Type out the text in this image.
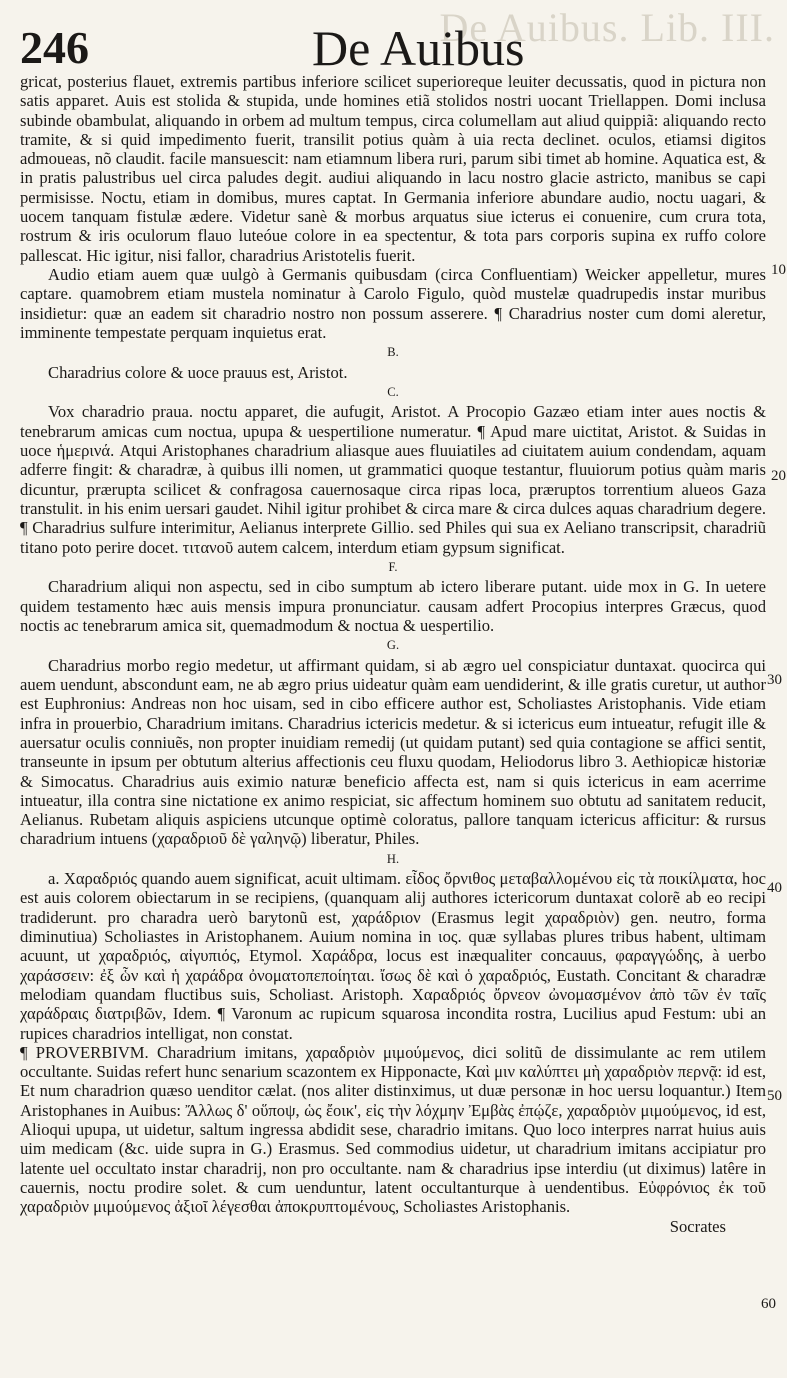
De Auibus. Lib. III.
246	De Auibus

gricat, posterius flauet, extremis partibus inferiore scilicet superioreque leuiter decussatis, quod in pictura non satis apparet. Auis est stolida & stupida, unde homines etiã stolidos nostri uocant Triellappen. Domi inclusa subinde obambulat, aliquando in orbem ad multum tempus, circa columellam aut aliud quippiã: aliquando recto tramite, & si quid impedimento fuerit, transilit potius quàm à uia recta declinet. oculos, etiamsi digitos admoueas, nõ claudit. facile mansuescit: nam etiamnum libera ruri, parum sibi timet ab homine. Aquatica est, & in pratis palustribus uel circa paludes degit. audiui aliquando in lacu nostro glacie astricto, manibus se capi permisisse. Noctu, etiam in domibus, mures captat. In Germania inferiore abundare audio, noctu uagari, & uocem tanquam fistulæ ædere. Videtur sanè & morbus arquatus siue icterus ei conuenire, cum crura tota, rostrum & iris oculorum flauo luteóue colore in ea spectentur, & tota pars corporis supina ex ruffo colore pallescat. Hic igitur, nisi fallor, charadrius Aristotelis fuerit.

Audio etiam auem quæ uulgò à Germanis quibusdam (circa Confluentiam) Weicker appelletur, mures captare. quamobrem etiam mustela nominatur à Carolo Figulo, quòd mustelæ quadrupedis instar muribus insidietur: quæ an eadem sit charadrio nostro non possum asserere. ¶ Charadrius noster cum domi aleretur, imminente tempestate perquam inquietus erat.

B.

Charadrius colore & uoce prauus est, Aristot.

C.

Vox charadrio praua. noctu apparet, die aufugit, Aristot. A Procopio Gazæo etiam inter aues noctis & tenebrarum amicas cum noctua, upupa & uespertilione numeratur. ¶ Apud mare uictitat, Aristot. & Suidas in uoce ἡμερινά. Atqui Aristophanes charadrium aliasque aues fluuiatiles ad ciuitatem auium condendam, aquam adferre fingit: & charadræ, à quibus illi nomen, ut grammatici quoque testantur, fluuiorum potius quàm maris dicuntur, prærupta scilicet & confragosa cauernosaque circa ripas loca, præruptos torrentium alueos Gaza transtulit. in his enim uersari gaudet. Nihil igitur prohibet & circa mare & circa dulces aquas charadrium degere. ¶ Charadrius sulfure interimitur, Aelianus interprete Gillio. sed Philes qui sua ex Aeliano transcripsit, charadriũ titano poto perire docet. τιτανοῦ autem calcem, interdum etiam gypsum significat.

F.

Charadrium aliqui non aspectu, sed in cibo sumptum ab ictero liberare putant. uide mox in G. In uetere quidem testamento hæc auis mensis impura pronunciatur. causam adfert Procopius interpres Græcus, quod noctis ac tenebrarum amica sit, quemadmodum & noctua & uespertilio.

G.

Charadrius morbo regio medetur, ut affirmant quidam, si ab ægro uel conspiciatur duntaxat. quocirca qui auem uendunt, abscondunt eam, ne ab ægro prius uideatur quàm eam uendiderint, & ille gratis curetur, ut author est Euphronius: Andreas non hoc uisam, sed in cibo efficere author est, Scholiastes Aristophanis. Vide etiam infra in prouerbio, Charadrium imitans. Charadrius ictericis medetur. & si ictericus eum intueatur, refugit ille & auersatur oculis conniuẽs, non propter inuidiam remedij (ut quidam putant) sed quia contagione se affici sentit, transeunte in ipsum per obtutum alterius affectionis ceu fluxu quodam, Heliodorus libro 3. Aethiopicæ historiæ & Simocatus. Charadrius auis eximio naturæ beneficio affecta est, nam si quis ictericus in eam acerrime intueatur, illa contra sine nictatione ex animo respiciat, sic affectum hominem suo obtutu ad sanitatem reducit, Aelianus. Rubetam aliquis aspiciens utcunque optimè coloratus, pallore tanquam ictericus afficitur: & rursus charadrium intuens (χαραδριοῦ δὲ γαληνῷ) liberatur, Philes.

H.

a. Χαραδριός quando auem significat, acuit ultimam. εἶδος ὄρνιθος μεταβαλλομένου εἰς τὰ ποικίλματα, hoc est auis colorem obiectarum in se recipiens, (quanquam alij authores ictericorum duntaxat colorẽ ab eo recipi tradiderunt. pro charadra uerò barytonũ est, χαράδριον (Erasmus legit χαραδριὸν) gen. neutro, forma diminutiua) Scholiastes in Aristophanem. Auium nomina in ιος. quæ syllabas plures tribus habent, ultimam acuunt, ut χαραδριός, αἰγυπιός, Etymol. Χαράδρα, locus est inæqualiter concauus, φαραγγώδης, à uerbo χαράσσειν: ἐξ ὧν καὶ ἡ χαράδρα ὀνοματοπεποίηται. ἴσως δὲ καὶ ὁ χαραδριός, Eustath. Concitant & charadræ melodiam quandam fluctibus suis, Scholiast. Aristoph. Χαραδριός ὄρνεον ὠνομασμένον ἀπὸ τῶν ἐν ταῖς χαράδραις διατριβῶν, Idem. ¶ Varonum ac rupicum squarosa incondita rostra, Lucilius apud Festum: ubi an rupices charadrios intelligat, non constat.

¶ PROVERBIVM. Charadrium imitans, χαραδριὸν μιμούμενος, dici solitũ de dissimulante ac rem utilem occultante. Suidas refert hunc senarium scazontem ex Hipponacte, Καὶ μιν καλύπτει μὴ χαραδριὸν περνᾷ: id est, Et num charadrion quæso uenditor cælat. (nos aliter distinximus, ut duæ personæ in hoc uersu loquantur.) Item Aristophanes in Auibus: Ἄλλως δ' οὕποψ, ὡς ἔοικ', εἰς τὴν λόχμην Ἐμβὰς ἐπῴζε, χαραδριὸν μιμούμενος, id est, Alioqui upupa, ut uidetur, saltum ingressa abdidit sese, charadrio imitans. Quo loco interpres narrat huius auis uim medicam (&c. uide supra in G.) Erasmus. Sed commodius uidetur, ut charadrium imitans accipiatur pro latente uel occultato instar charadrij, non pro occultante. nam & charadrius ipse interdiu (ut diximus) latêre in cauernis, noctu prodire solet. & cum uenduntur, latent occultanturque à uendentibus. Εὐφρόνιος ἐκ τοῦ χαραδριὸν μιμούμενος ἀξιοῖ λέγεσθαι ἀποκρυπτομένους, Scholiastes Aristophanis.

Socrates
10
20
30
40
50
60
